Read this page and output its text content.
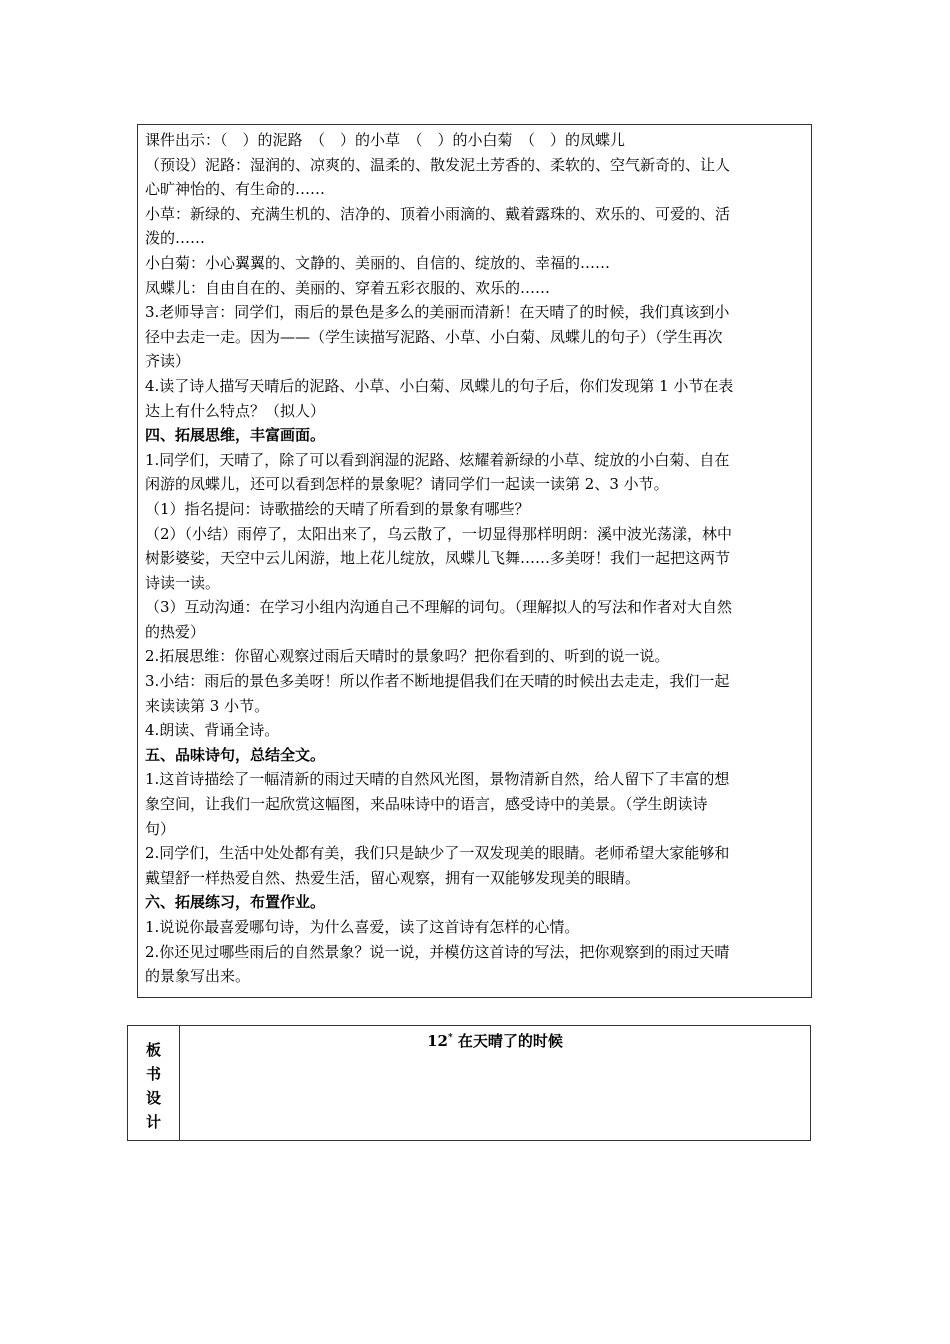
课件出示：（　）的泥路　（　）的小草　（　）的小白菊　（　）的凤蝶儿
（预设）泥路：湿润的、凉爽的、温柔的、散发泥土芳香的、柔软的、空气新奇的、让人
心旷神怡的、有生命的……
小草：新绿的、充满生机的、洁净的、顶着小雨滴的、戴着露珠的、欢乐的、可爱的、活
泼的……
小白菊：小心翼翼的、文静的、美丽的、自信的、绽放的、幸福的……
凤蝶儿：自由自在的、美丽的、穿着五彩衣服的、欢乐的……
3.老师导言：同学们，雨后的景色是多么的美丽而清新！在天晴了的时候，我们真该到小
径中去走一走。因为——（学生读描写泥路、小草、小白菊、凤蝶儿的句子）（学生再次
齐读）
4.读了诗人描写天晴后的泥路、小草、小白菊、凤蝶儿的句子后，你们发现第 1 小节在表
达上有什么特点？（拟人）
四、拓展思维，丰富画面。
1.同学们，天晴了，除了可以看到润湿的泥路、炫耀着新绿的小草、绽放的小白菊、自在
闲游的凤蝶儿，还可以看到怎样的景象呢？请同学们一起读一读第 2、3 小节。
（1）指名提问：诗歌描绘的天晴了所看到的景象有哪些？
（2）（小结）雨停了，太阳出来了，乌云散了，一切显得那样明朗：溪中波光荡漾，林中
树影婆娑，天空中云儿闲游，地上花儿绽放，凤蝶儿飞舞……多美呀！我们一起把这两节
诗读一读。
（3）互动沟通：在学习小组内沟通自己不理解的词句。（理解拟人的写法和作者对大自然
的热爱）
2.拓展思维：你留心观察过雨后天晴时的景象吗？把你看到的、听到的说一说。
3.小结：雨后的景色多美呀！所以作者不断地提倡我们在天晴的时候出去走走，我们一起
来读读第 3 小节。
4.朗读、背诵全诗。
五、品味诗句，总结全文。
1.这首诗描绘了一幅清新的雨过天晴的自然风光图，景物清新自然，给人留下了丰富的想
象空间，让我们一起欣赏这幅图，来品味诗中的语言，感受诗中的美景。（学生朗读诗
句）
2.同学们，生活中处处都有美，我们只是缺少了一双发现美的眼睛。老师希望大家能够和
戴望舒一样热爱自然、热爱生活，留心观察，拥有一双能够发现美的眼睛。
六、拓展练习，布置作业。
1.说说你最喜爱哪句诗，为什么喜爱，读了这首诗有怎样的心情。
2.你还见过哪些雨后的自然景象？说一说，并模仿这首诗的写法，把你观察到的雨过天晴
的景象写出来。
板
书
设
计
12* 在天晴了的时候
